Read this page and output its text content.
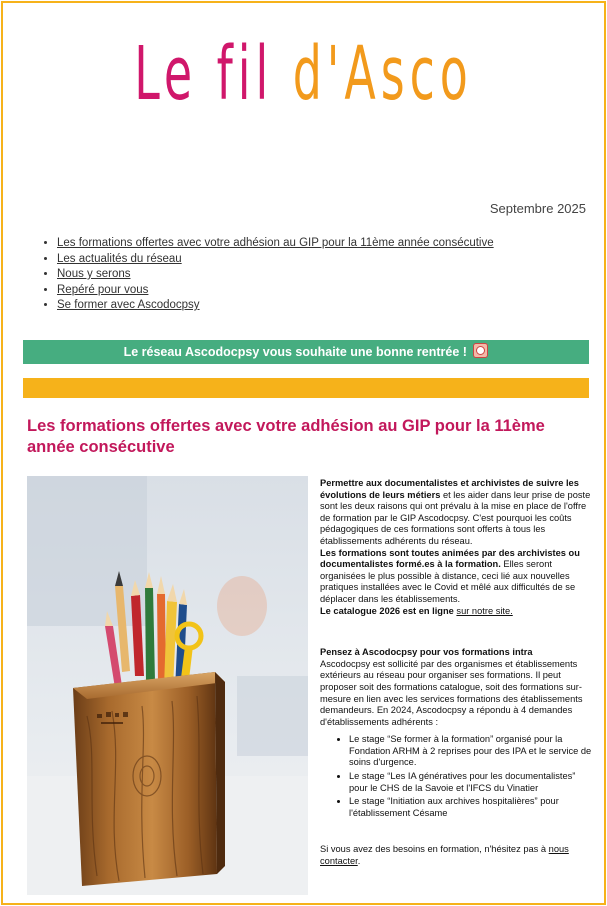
Le fil d'Asco
Septembre 2025
• Les formations offertes avec votre adhésion au GIP pour la 11ème année consécutive
• Les actualités du réseau
• Nous y serons
• Repéré pour vous
• Se former avec Ascodocpsy
Le réseau Ascodocpsy vous souhaite une bonne rentrée !
Les formations offertes avec votre adhésion au GIP pour la 11ème année consécutive

Permettre aux documentalistes et archivistes de suivre les évolutions de leurs métiers et les aider dans leur prise de poste sont les deux raisons qui ont prévalu à la mise en place de l'offre de formation par le GIP Ascodocpsy. C'est pourquoi les coûts pédagogiques de ces formations sont offerts à tous les établissements adhérents du réseau.

Les formations sont toutes animées par des archivistes ou documentalistes formé.es à la formation. Elles seront organisées le plus possible à distance, ceci lié aux nouvelles pratiques installées avec le Covid et mêlé aux difficultés de se déplacer dans les établissements.

Le catalogue 2026 est en ligne sur notre site.

Pensez à Ascodocpsy pour vos formations intra

Ascodocpsy est sollicité par des organismes et établissements extérieurs au réseau pour organiser ses formations. Il peut proposer soit des formations catalogue, soit des formations sur-mesure en lien avec les services formations des établissements demandeurs. En 2024, Ascodocpsy a répondu à 4 demandes d'établissements adhérents :

• Le stage “Se former à la formation” organisé pour la Fondation ARHM à 2 reprises pour des IPA et le service de soins d'urgence.
• Le stage “Les IA génératives pour les documentalistes” pour le CHS de la Savoie et l'IFCS du Vinatier
• Le stage “Initiation aux archives hospitalières” pour l'établissement Césame

Si vous avez des besoins en formation, n'hésitez pas à nous contacter.
